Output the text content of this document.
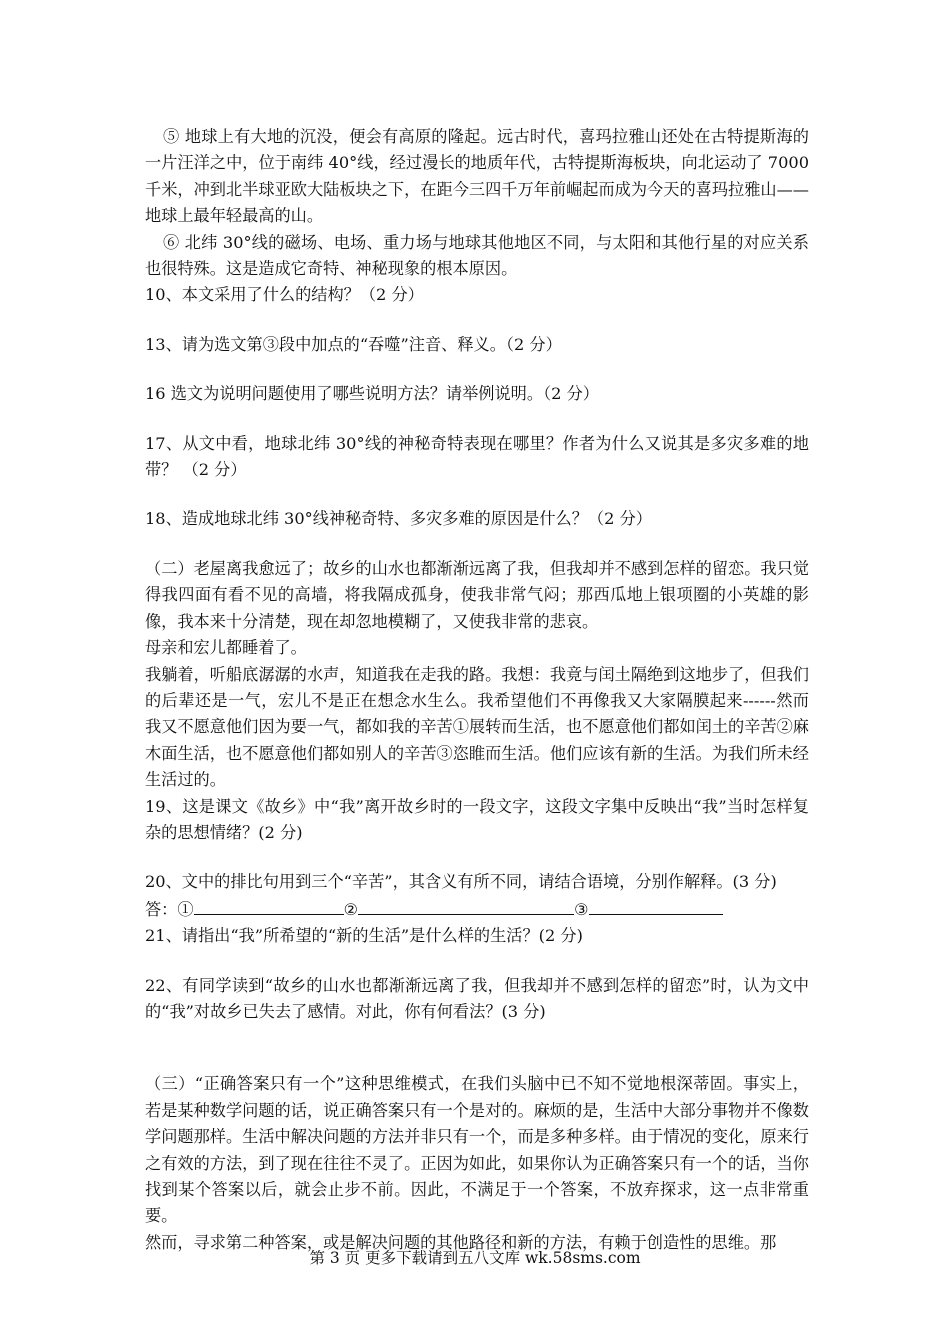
⑤ 地球上有大地的沉没，便会有高原的隆起。远古时代，喜玛拉雅山还处在古特提斯海的一片汪洋之中，位于南纬 40°线，经过漫长的地质年代，古特提斯海板块，向北运动了 7000 千米，冲到北半球亚欧大陆板块之下，在距今三四千万年前崛起而成为今天的喜玛拉雅山——地球上最年轻最高的山。

⑥ 北纬 30°线的磁场、电场、重力场与地球其他地区不同，与太阳和其他行星的对应关系也很特殊。这是造成它奇特、神秘现象的根本原因。

10、本文采用了什么的结构？（2 分）

13、请为选文第③段中加点的“吞噬”注音、释义。（2 分）

16 选文为说明问题使用了哪些说明方法？请举例说明。（2 分）

17、从文中看，地球北纬 30°线的神秘奇特表现在哪里？作者为什么又说其是多灾多难的地带？ （2 分）

18、造成地球北纬 30°线神秘奇特、多灾多难的原因是什么？（2 分）

（二）老屋离我愈远了；故乡的山水也都渐渐远离了我，但我却并不感到怎样的留恋。我只觉得我四面有看不见的高墙，将我隔成孤身，使我非常气闷；那西瓜地上银项圈的小英雄的影像，我本来十分清楚，现在却忽地模糊了，又使我非常的悲哀。

母亲和宏儿都睡着了。

我躺着，听船底潺潺的水声，知道我在走我的路。我想：我竟与闰土隔绝到这地步了，但我们的后辈还是一气，宏儿不是正在想念水生么。我希望他们不再像我又大家隔膜起来------然而我又不愿意他们因为要一气，都如我的辛苦①展转而生活，也不愿意他们都如闰土的辛苦②麻木面生活，也不愿意他们都如别人的辛苦③恣睢而生活。他们应该有新的生活。为我们所未经生活过的。

19、这是课文《故乡》中“我”离开故乡时的一段文字，这段文字集中反映出“我”当时怎样复杂的思想情绪？(2 分)

20、文中的排比句用到三个“辛苦”，其含义有所不同，请结合语境，分别作解释。(3 分)

答：①	②	③

21、请指出“我”所希望的“新的生活”是什么样的生活？(2 分)

22、有同学读到“故乡的山水也都渐渐远离了我，但我却并不感到怎样的留恋”时，认为文中的“我”对故乡已失去了感情。对此，你有何看法？(3 分)

（三）“正确答案只有一个”这种思维模式，在我们头脑中已不知不觉地根深蒂固。事实上，若是某种数学问题的话，说正确答案只有一个是对的。麻烦的是，生活中大部分事物并不像数学问题那样。生活中解决问题的方法并非只有一个，而是多种多样。由于情况的变化，原来行之有效的方法，到了现在往往不灵了。正因为如此，如果你认为正确答案只有一个的话，当你找到某个答案以后，就会止步不前。因此，不满足于一个答案，不放弃探求，这一点非常重要。

然而，寻求第二种答案，或是解决问题的其他路径和新的方法，有赖于创造性的思维。那

第 3 页 更多下载请到五八文库 wk.58sms.com
